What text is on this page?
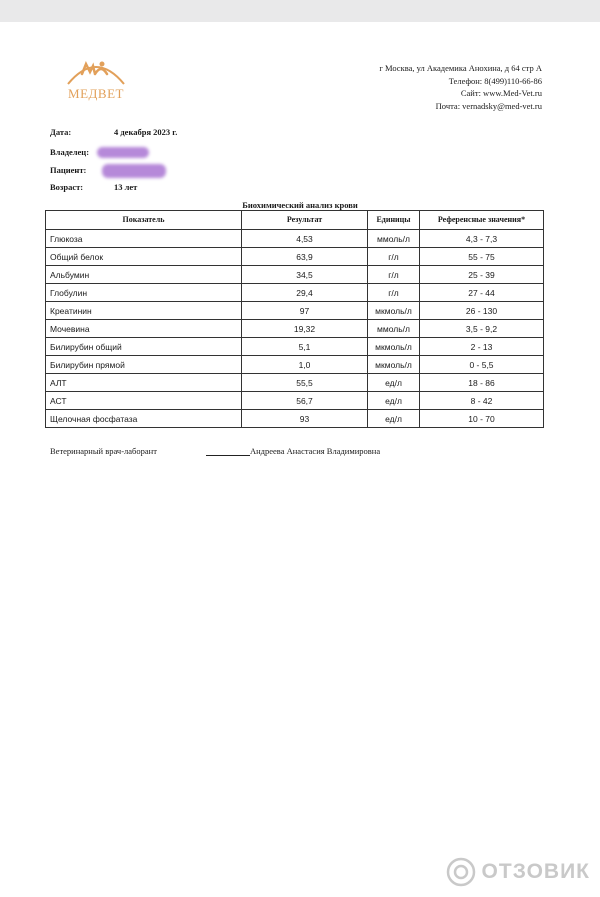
МЕДВЕТ
г Москва, ул Академика Анохина, д 64 стр А
Телефон: 8(499)110-66-86
Сайт: www.Med-Vet.ru
Почта: vernadsky@med-vet.ru
Дата:	4 декабря 2023 г.
Владелец:
Пациент:
Возраст:	13 лет
Биохимический анализ крови
Показатель	Результат	Единицы	Референсные значения*
Глюкоза	4,53	ммоль/л	4,3 - 7,3
Общий белок	63,9	г/л	55 - 75
Альбумин	34,5	г/л	25 - 39
Глобулин	29,4	г/л	27 - 44
Креатинин	97	мкмоль/л	26 - 130
Мочевина	19,32	ммоль/л	3,5 - 9,2
Билирубин общий	5,1	мкмоль/л	2 - 13
Билирубин прямой	1,0	мкмоль/л	0 - 5,5
АЛТ	55,5	ед/л	18 - 86
АСТ	56,7	ед/л	8 - 42
Щелочная фосфатаза	93	ед/л	10 - 70
Ветеринарный врач-лаборант	Андреева Анастасия Владимировна
ОТЗОВИК
